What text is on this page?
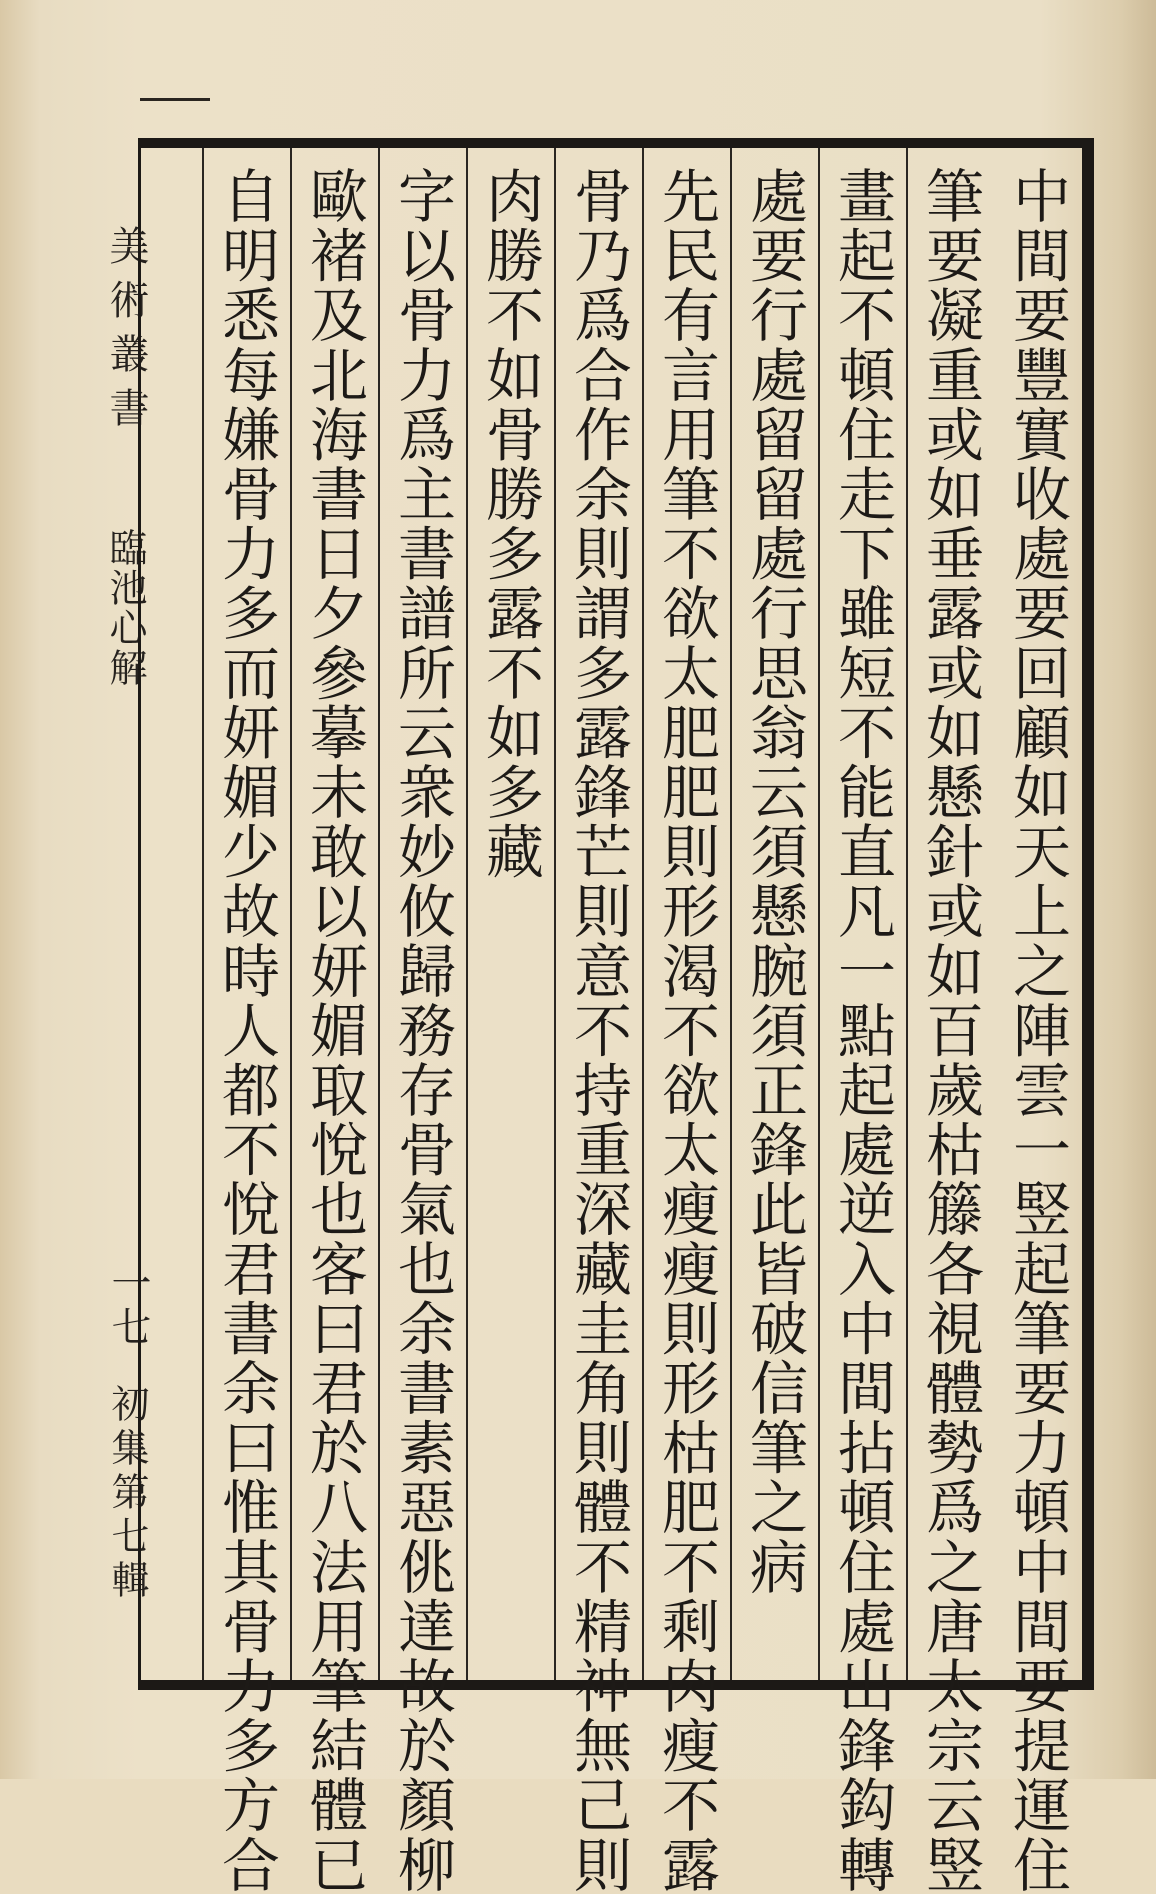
美術叢書
臨池心解
一七
初集第七輯	中間要豐實收處要回顧如天上之陣雲一竪起筆要力頓中間要提運住
筆要凝重或如垂露或如懸針或如百歲枯籐各視體勢爲之唐太宗云竪
畫起不頓住走下雖短不能直凡一點起處逆入中間拈頓住處出鋒鈎轉
處要行處留留處行思翁云須懸腕須正鋒此皆破信筆之病
先民有言用筆不欲太肥肥則形渴不欲太瘦瘦則形枯肥不剩肉瘦不露
骨乃爲合作余則謂多露鋒芒則意不持重深藏圭角則體不精神無己則
肉勝不如骨勝多露不如多藏
字以骨力爲主書譜所云衆妙攸歸務存骨氣也余書素惡佻達故於顏柳
歐褚及北海書日夕參摹未敢以妍媚取悅也客曰君於八法用筆結體已
自明悉每嫌骨力多而妍媚少故時人都不悅君書余曰惟其骨力多方合
